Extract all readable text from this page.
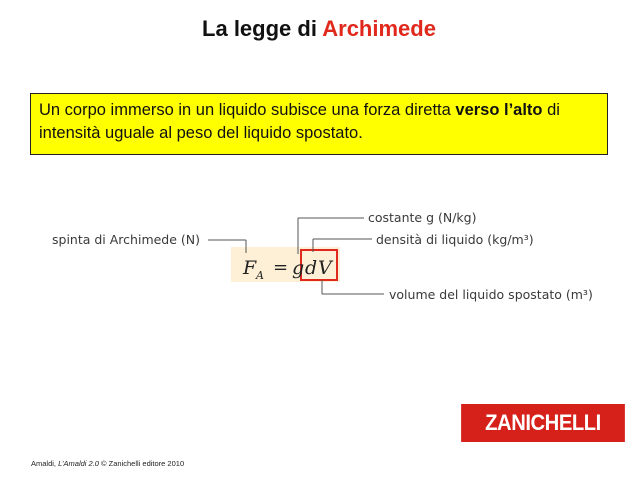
La legge di Archimede
Un corpo immerso in un liquido subisce una forza diretta verso l’alto di intensità uguale al peso del liquido spostato.
F A = g d V
spinta di Archimede (N)
costante g (N/kg)
densità di liquido (kg/m³)
volume del liquido spostato (m³)
ZANICHELLI
Amaldi, L’Amaldi 2.0 © Zanichelli editore 2010
